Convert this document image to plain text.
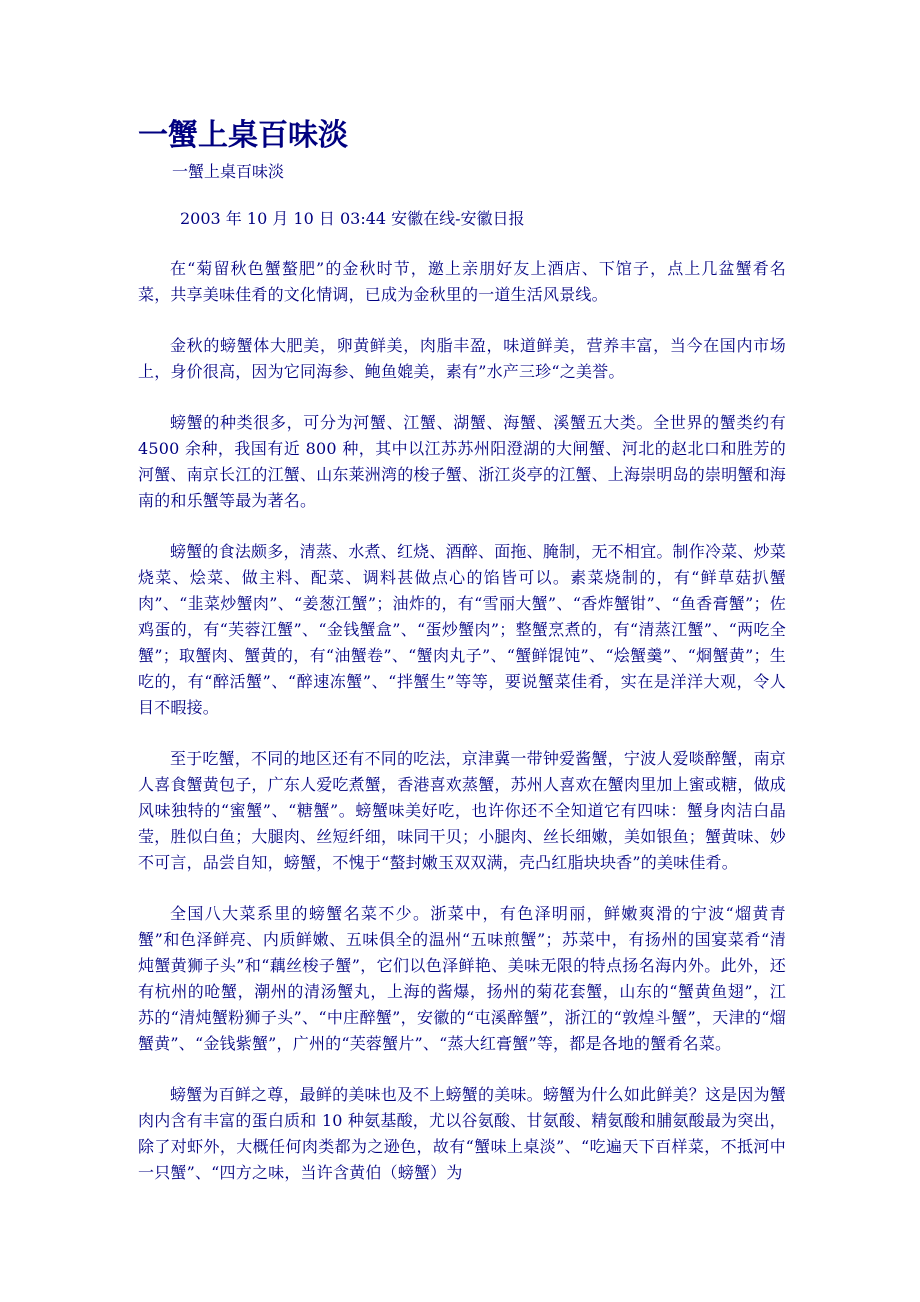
一蟹上桌百味淡
一蟹上桌百味淡
2003 年 10 月 10 日 03:44 安徽在线-安徽日报

在“菊留秋色蟹螯肥”的金秋时节，邀上亲朋好友上酒店、下馆子，点上几盆蟹肴名菜，共享美味佳肴的文化情调，已成为金秋里的一道生活风景线。

金秋的螃蟹体大肥美，卵黄鲜美，肉脂丰盈，味道鲜美，营养丰富，当今在国内市场上，身价很高，因为它同海参、鲍鱼媲美，素有”水产三珍“之美誉。

螃蟹的种类很多，可分为河蟹、江蟹、湖蟹、海蟹、溪蟹五大类。全世界的蟹类约有 4500 余种，我国有近 800 种，其中以江苏苏州阳澄湖的大闸蟹、河北的赵北口和胜芳的河蟹、南京长江的江蟹、山东莱洲湾的梭子蟹、浙江炎亭的江蟹、上海崇明岛的崇明蟹和海南的和乐蟹等最为著名。

螃蟹的食法颇多，清蒸、水煮、红烧、酒醉、面拖、腌制，无不相宜。制作冷菜、炒菜烧菜、烩菜、做主料、配菜、调料甚做点心的馅皆可以。素菜烧制的，有“鲜草菇扒蟹肉”、“韭菜炒蟹肉”、“姜葱江蟹”；油炸的，有“雪丽大蟹”、“香炸蟹钳”、“鱼香膏蟹”；佐鸡蛋的，有“芙蓉江蟹”、“金钱蟹盒”、“蛋炒蟹肉”；整蟹烹煮的，有“清蒸江蟹”、“两吃全蟹”；取蟹肉、蟹黄的，有“油蟹卷”、“蟹肉丸子”、“蟹鲜馄饨”、“烩蟹羹”、“烱蟹黄”；生吃的，有“醉活蟹”、“醉速冻蟹”、“拌蟹生”等等，要说蟹菜佳肴，实在是洋洋大观，令人目不暇接。

至于吃蟹，不同的地区还有不同的吃法，京津冀一带钟爱酱蟹，宁波人爱啖醉蟹，南京人喜食蟹黄包子，广东人爱吃煮蟹，香港喜欢蒸蟹，苏州人喜欢在蟹肉里加上蜜或糖，做成风味独特的“蜜蟹”、“糖蟹”。螃蟹味美好吃，也许你还不全知道它有四味：蟹身肉洁白晶莹，胜似白鱼；大腿肉、丝短纤细，味同干贝；小腿肉、丝长细嫩，美如银鱼；蟹黄味、妙不可言，品尝自知，螃蟹，不愧于“螯封嫩玉双双满，壳凸红脂块块香”的美味佳肴。

全国八大菜系里的螃蟹名菜不少。浙菜中，有色泽明丽，鲜嫩爽滑的宁波“熘黄青蟹”和色泽鲜亮、内质鲜嫩、五味俱全的温州“五味煎蟹”；苏菜中，有扬州的国宴菜肴“清炖蟹黄狮子头”和“藕丝梭子蟹”，它们以色泽鲜艳、美味无限的特点扬名海内外。此外，还有杭州的呛蟹，潮州的清汤蟹丸，上海的酱爆，扬州的菊花套蟹，山东的“蟹黄鱼翅”，江苏的“清炖蟹粉狮子头”、“中庄醉蟹”，安徽的“屯溪醉蟹”，浙江的“敦煌斗蟹”，天津的“熘蟹黄”、“金钱紫蟹”，广州的“芙蓉蟹片”、“蒸大红膏蟹”等，都是各地的蟹肴名菜。

螃蟹为百鲜之尊，最鲜的美味也及不上螃蟹的美味。螃蟹为什么如此鲜美？这是因为蟹肉内含有丰富的蛋白质和 10 种氨基酸，尤以谷氨酸、甘氨酸、精氨酸和脯氨酸最为突出，除了对虾外，大概任何肉类都为之逊色，故有“蟹味上桌淡”、“吃遍天下百样菜，不抵河中一只蟹”、“四方之味，当许含黄伯（螃蟹）为
